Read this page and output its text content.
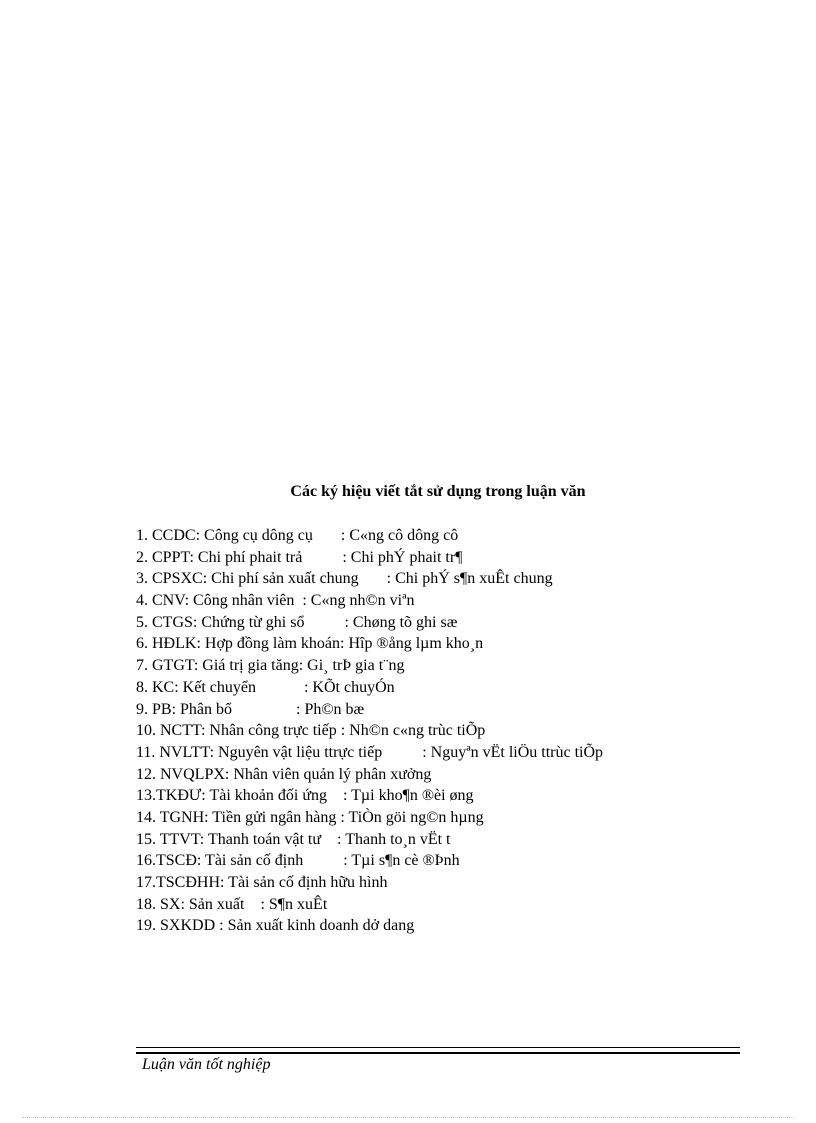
Các ký hiệu viết tắt sử dụng trong luận văn
1. CCDC: Công cụ dông cụ       : C«ng cô dông cô
2. CPPT: Chi phí phait trả          : Chi phÝ phait tr¶
3. CPSXC: Chi phí sản xuất chung       : Chi phÝ s¶n xuÊt chung
4. CNV: Công nhân viên  : C«ng nh©n viªn
5. CTGS: Chứng từ ghi sổ          : Chøng tõ ghi sæ
6. HĐLK: Hợp đồng làm khoán: Hîp ®ång lµm kho¸n
7. GTGT: Giá trị gia tăng: Gi¸ trÞ gia t¨ng
8. KC: Kết chuyển            : KÕt chuyÓn
9. PB: Phân bổ                : Ph©n bæ
10. NCTT: Nhân công trực tiếp : Nh©n c«ng trùc tiÕp
11. NVLTT: Nguyên vật liệu ttrực tiếp          : Nguyªn vËt liÖu ttrùc tiÕp
12. NVQLPX: Nhân viên quản lý phân xưởng
13.TKĐƯ: Tài khoản đối ứng    : Tµi kho¶n ®èi øng
14. TGNH: Tiền gửi ngân hàng : TiÒn göi ng©n hµng
15. TTVT: Thanh toán vật tư    : Thanh to¸n vËt t
16.TSCĐ: Tài sản cố định          : Tµi s¶n cè ®Þnh
17.TSCĐHH: Tài sản cố định hữu hình
18. SX: Sản xuất    : S¶n xuÊt
19. SXKDD : Sản xuất kinh doanh dở dang
Luận văn tốt nghiệp
